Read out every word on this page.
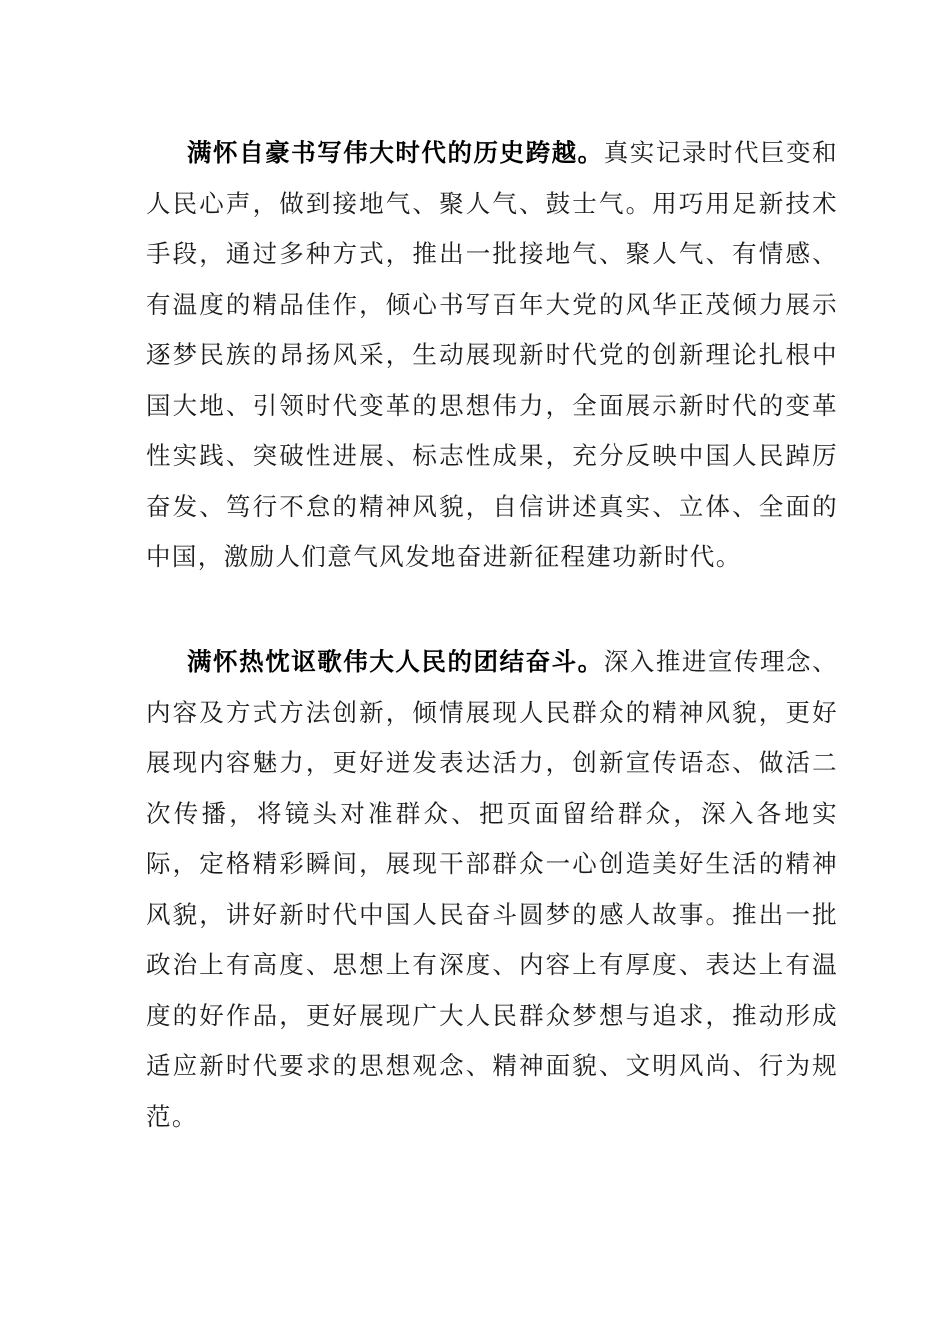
满怀自豪书写伟大时代的历史跨越。真实记录时代巨变和人民心声，做到接地气、聚人气、鼓士气。用巧用足新技术手段，通过多种方式，推出一批接地气、聚人气、有情感、有温度的精品佳作，倾心书写百年大党的风华正茂倾力展示逐梦民族的昂扬风采，生动展现新时代党的创新理论扎根中国大地、引领时代变革的思想伟力，全面展示新时代的变革性实践、突破性进展、标志性成果，充分反映中国人民踔厉奋发、笃行不怠的精神风貌，自信讲述真实、立体、全面的中国，激励人们意气风发地奋进新征程建功新时代。

满怀热忱讴歌伟大人民的团结奋斗。深入推进宣传理念、内容及方式方法创新，倾情展现人民群众的精神风貌，更好展现内容魅力，更好迸发表达活力，创新宣传语态、做活二次传播，将镜头对准群众、把页面留给群众，深入各地实际，定格精彩瞬间，展现干部群众一心创造美好生活的精神风貌，讲好新时代中国人民奋斗圆梦的感人故事。推出一批政治上有高度、思想上有深度、内容上有厚度、表达上有温度的好作品，更好展现广大人民群众梦想与追求，推动形成适应新时代要求的思想观念、精神面貌、文明风尚、行为规范。
